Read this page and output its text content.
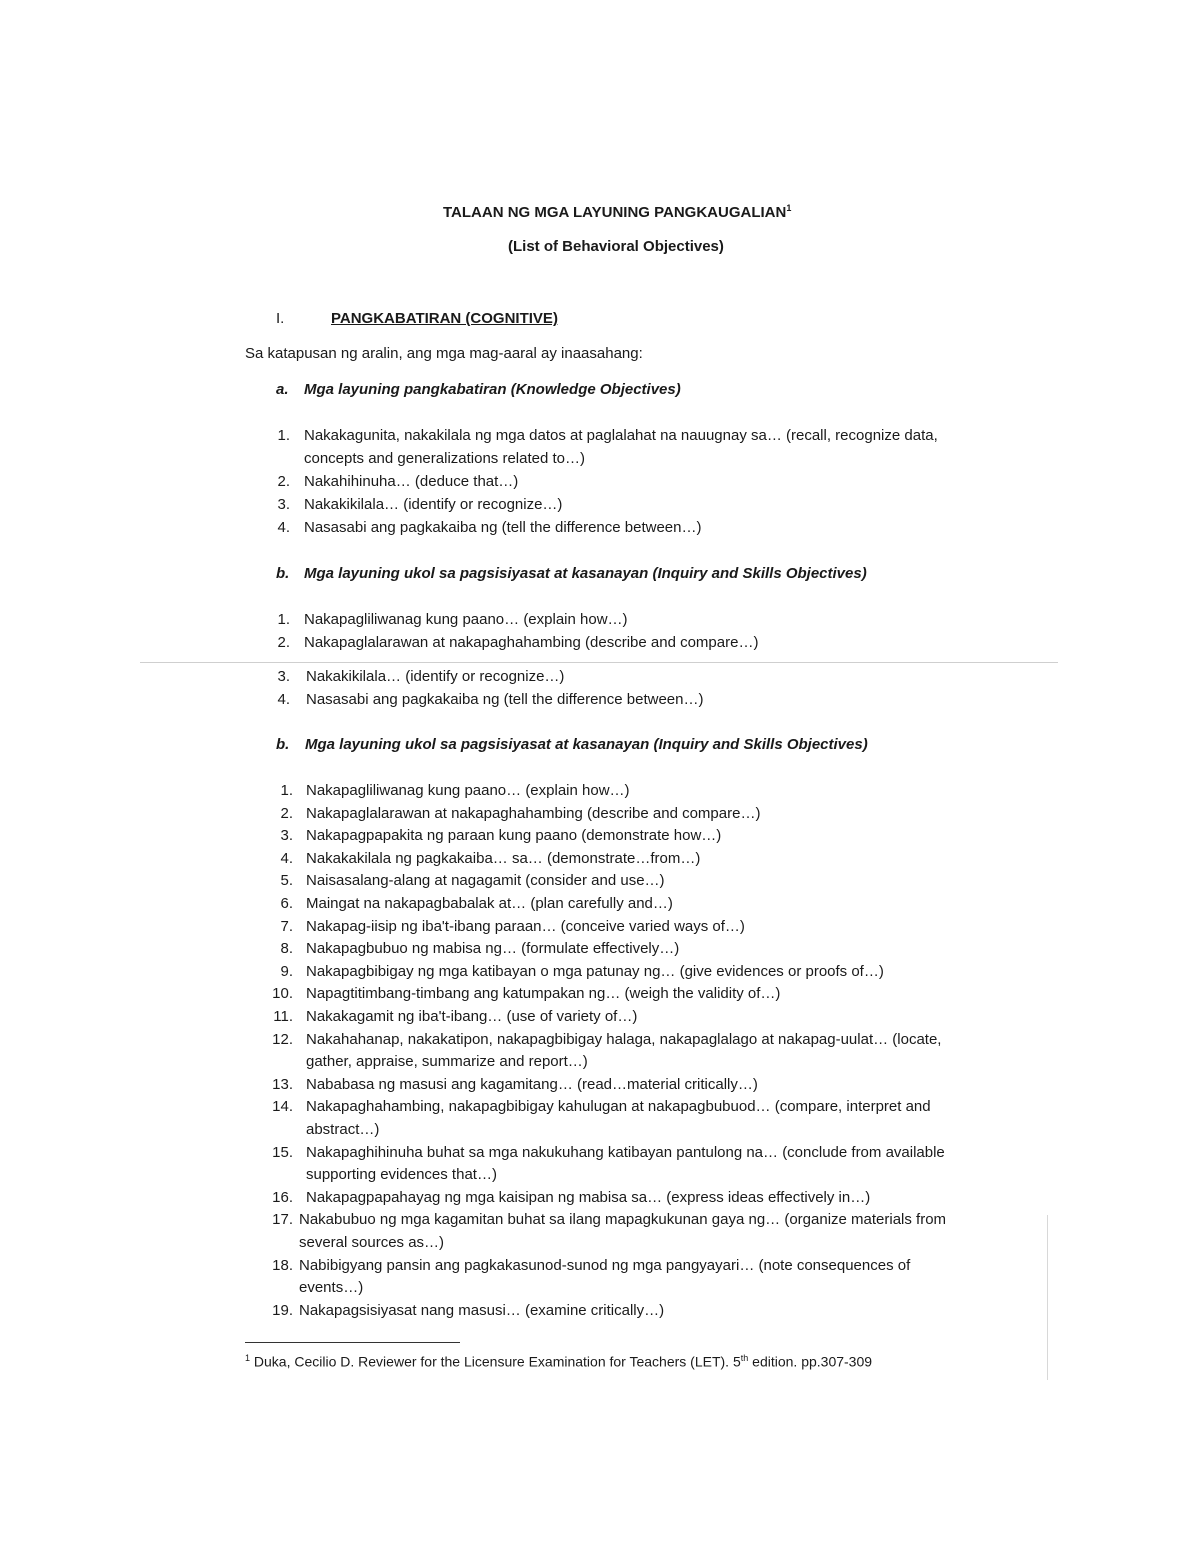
TALAAN NG MGA LAYUNING PANGKAUGALIAN$^1$
(List of Behavioral Objectives)
I.	PANGKABATIRAN (COGNITIVE)
Sa katapusan ng aralin, ang mga mag-aaral ay inaasahang:
a. Mga layuning pangkabatiran (Knowledge Objectives)
1. Nakakagunita, nakakilala ng mga datos at paglalahat na nauugnay sa… (recall, recognize data,
concepts and generalizations related to…)
2. Nakahihinuha… (deduce that…)
3. Nakakikilala… (identify or recognize…)
4. Nasasabi ang pagkakaiba ng (tell the difference between…)
b. Mga layuning ukol sa pagsisiyasat at kasanayan (Inquiry and Skills Objectives)
1. Nakapagliliwanag kung paano… (explain how…)
2. Nakapaglalarawan at nakapaghahambing (describe and compare…)
3. Nakakikilala… (identify or recognize…)
4. Nasasabi ang pagkakaiba ng (tell the difference between…)
b. Mga layuning ukol sa pagsisiyasat at kasanayan (Inquiry and Skills Objectives)
1. Nakapagliliwanag kung paano… (explain how…)
2. Nakapaglalarawan at nakapaghahambing (describe and compare…)
3. Nakapagpapakita ng paraan kung paano (demonstrate how…)
4. Nakakakilala ng pagkakaiba… sa… (demonstrate…from…)
5. Naisasalang-alang at nagagamit (consider and use…)
6. Maingat na nakapagbabalak at… (plan carefully and…)
7. Nakapag-iisip ng iba't-ibang paraan… (conceive varied ways of…)
8. Nakapagbubuo ng mabisa ng… (formulate effectively…)
9. Nakapagbibigay ng mga katibayan o mga patunay ng… (give evidences or proofs of…)
10. Napagtitimbang-timbang ang katumpakan ng… (weigh the validity of…)
11. Nakakagamit ng iba't-ibang… (use of variety of…)
12. Nakahahanap, nakakatipon, nakapagbibigay halaga, nakapaglalago at nakapag-uulat… (locate,
gather, appraise, summarize and report…)
13. Nababasa ng masusi ang kagamitang… (read…material critically…)
14. Nakapaghahambing, nakapagbibigay kahulugan at nakapagbubuod… (compare, interpret and
abstract…)
15. Nakapaghihinuha buhat sa mga nakukuhang katibayan pantulong na… (conclude from available
supporting evidences that…)
16. Nakapagpapahayag ng mga kaisipan ng mabisa sa… (express ideas effectively in…)
17. Nakabubuo ng mga kagamitan buhat sa ilang mapagkukunan gaya ng… (organize materials from
several sources as…)
18. Nabibigyang pansin ang pagkakasunod-sunod ng mga pangyayari… (note consequences of
events…)
19. Nakapagsisiyasat nang masusi… (examine critically…)
$^1$ Duka, Cecilio D. Reviewer for the Licensure Examination for Teachers (LET). 5th edition. pp.307-309
